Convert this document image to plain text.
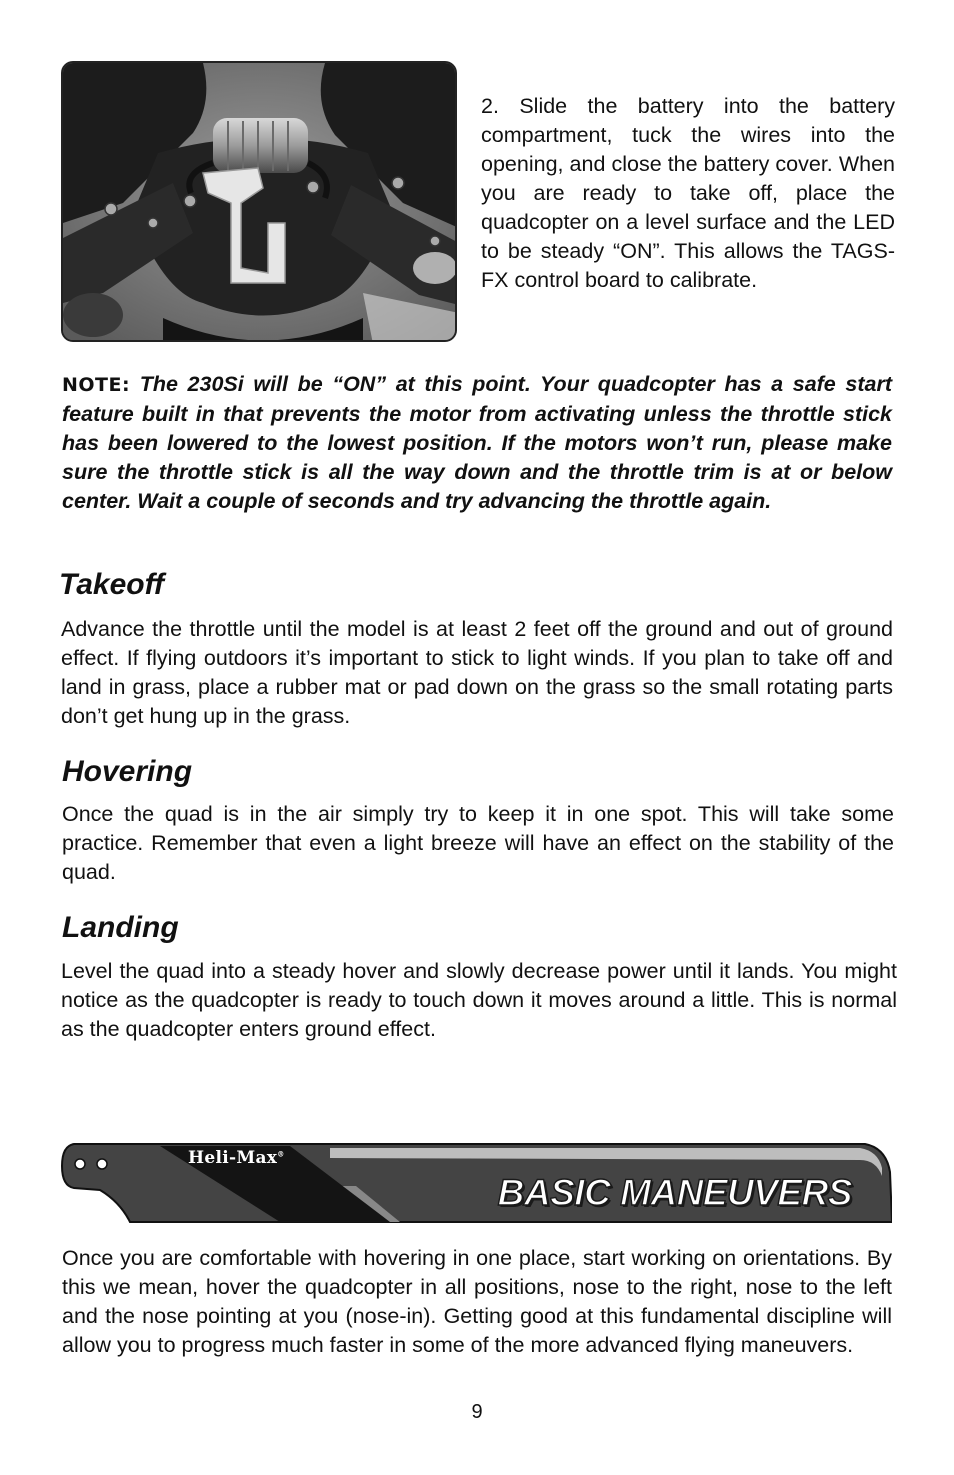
2. Slide the battery into the battery compartment, tuck the wires into the opening, and close the battery cover. When you are ready to take off, place the quadcopter on a level surface and the LED to be steady “ON”. This allows the TAGS-FX control board to calibrate.

NOTE: The 230Si will be “ON” at this point. Your quadcopter has a safe start feature built in that prevents the motor from activating unless the throttle stick has been lowered to the lowest position. If the motors won’t run, please make sure the throttle stick is all the way down and the throttle trim is at or below center. Wait a couple of seconds and try advancing the throttle again.

Takeoff

Advance the throttle until the model is at least 2 feet off the ground and out of ground effect. If flying outdoors it’s important to stick to light winds. If you plan to take off and land in grass, place a rubber mat or pad down on the grass so the small rotating parts don’t get hung up in the grass.

Hovering

Once the quad is in the air simply try to keep it in one spot. This will take some practice. Remember that even a light breeze will have an effect on the stability of the quad.

Landing

Level the quad into a steady hover and slowly decrease power until it lands. You might notice as the quadcopter is ready to touch down it moves around a little. This is normal as the quadcopter enters ground effect.

Heli-Max®
BASIC MANEUVERS

Once you are comfortable with hovering in one place, start working on orientations. By this we mean, hover the quadcopter in all positions, nose to the right, nose to the left and the nose pointing at you (nose-in). Getting good at this fundamental discipline will allow you to progress much faster in some of the more advanced flying maneuvers.

9
